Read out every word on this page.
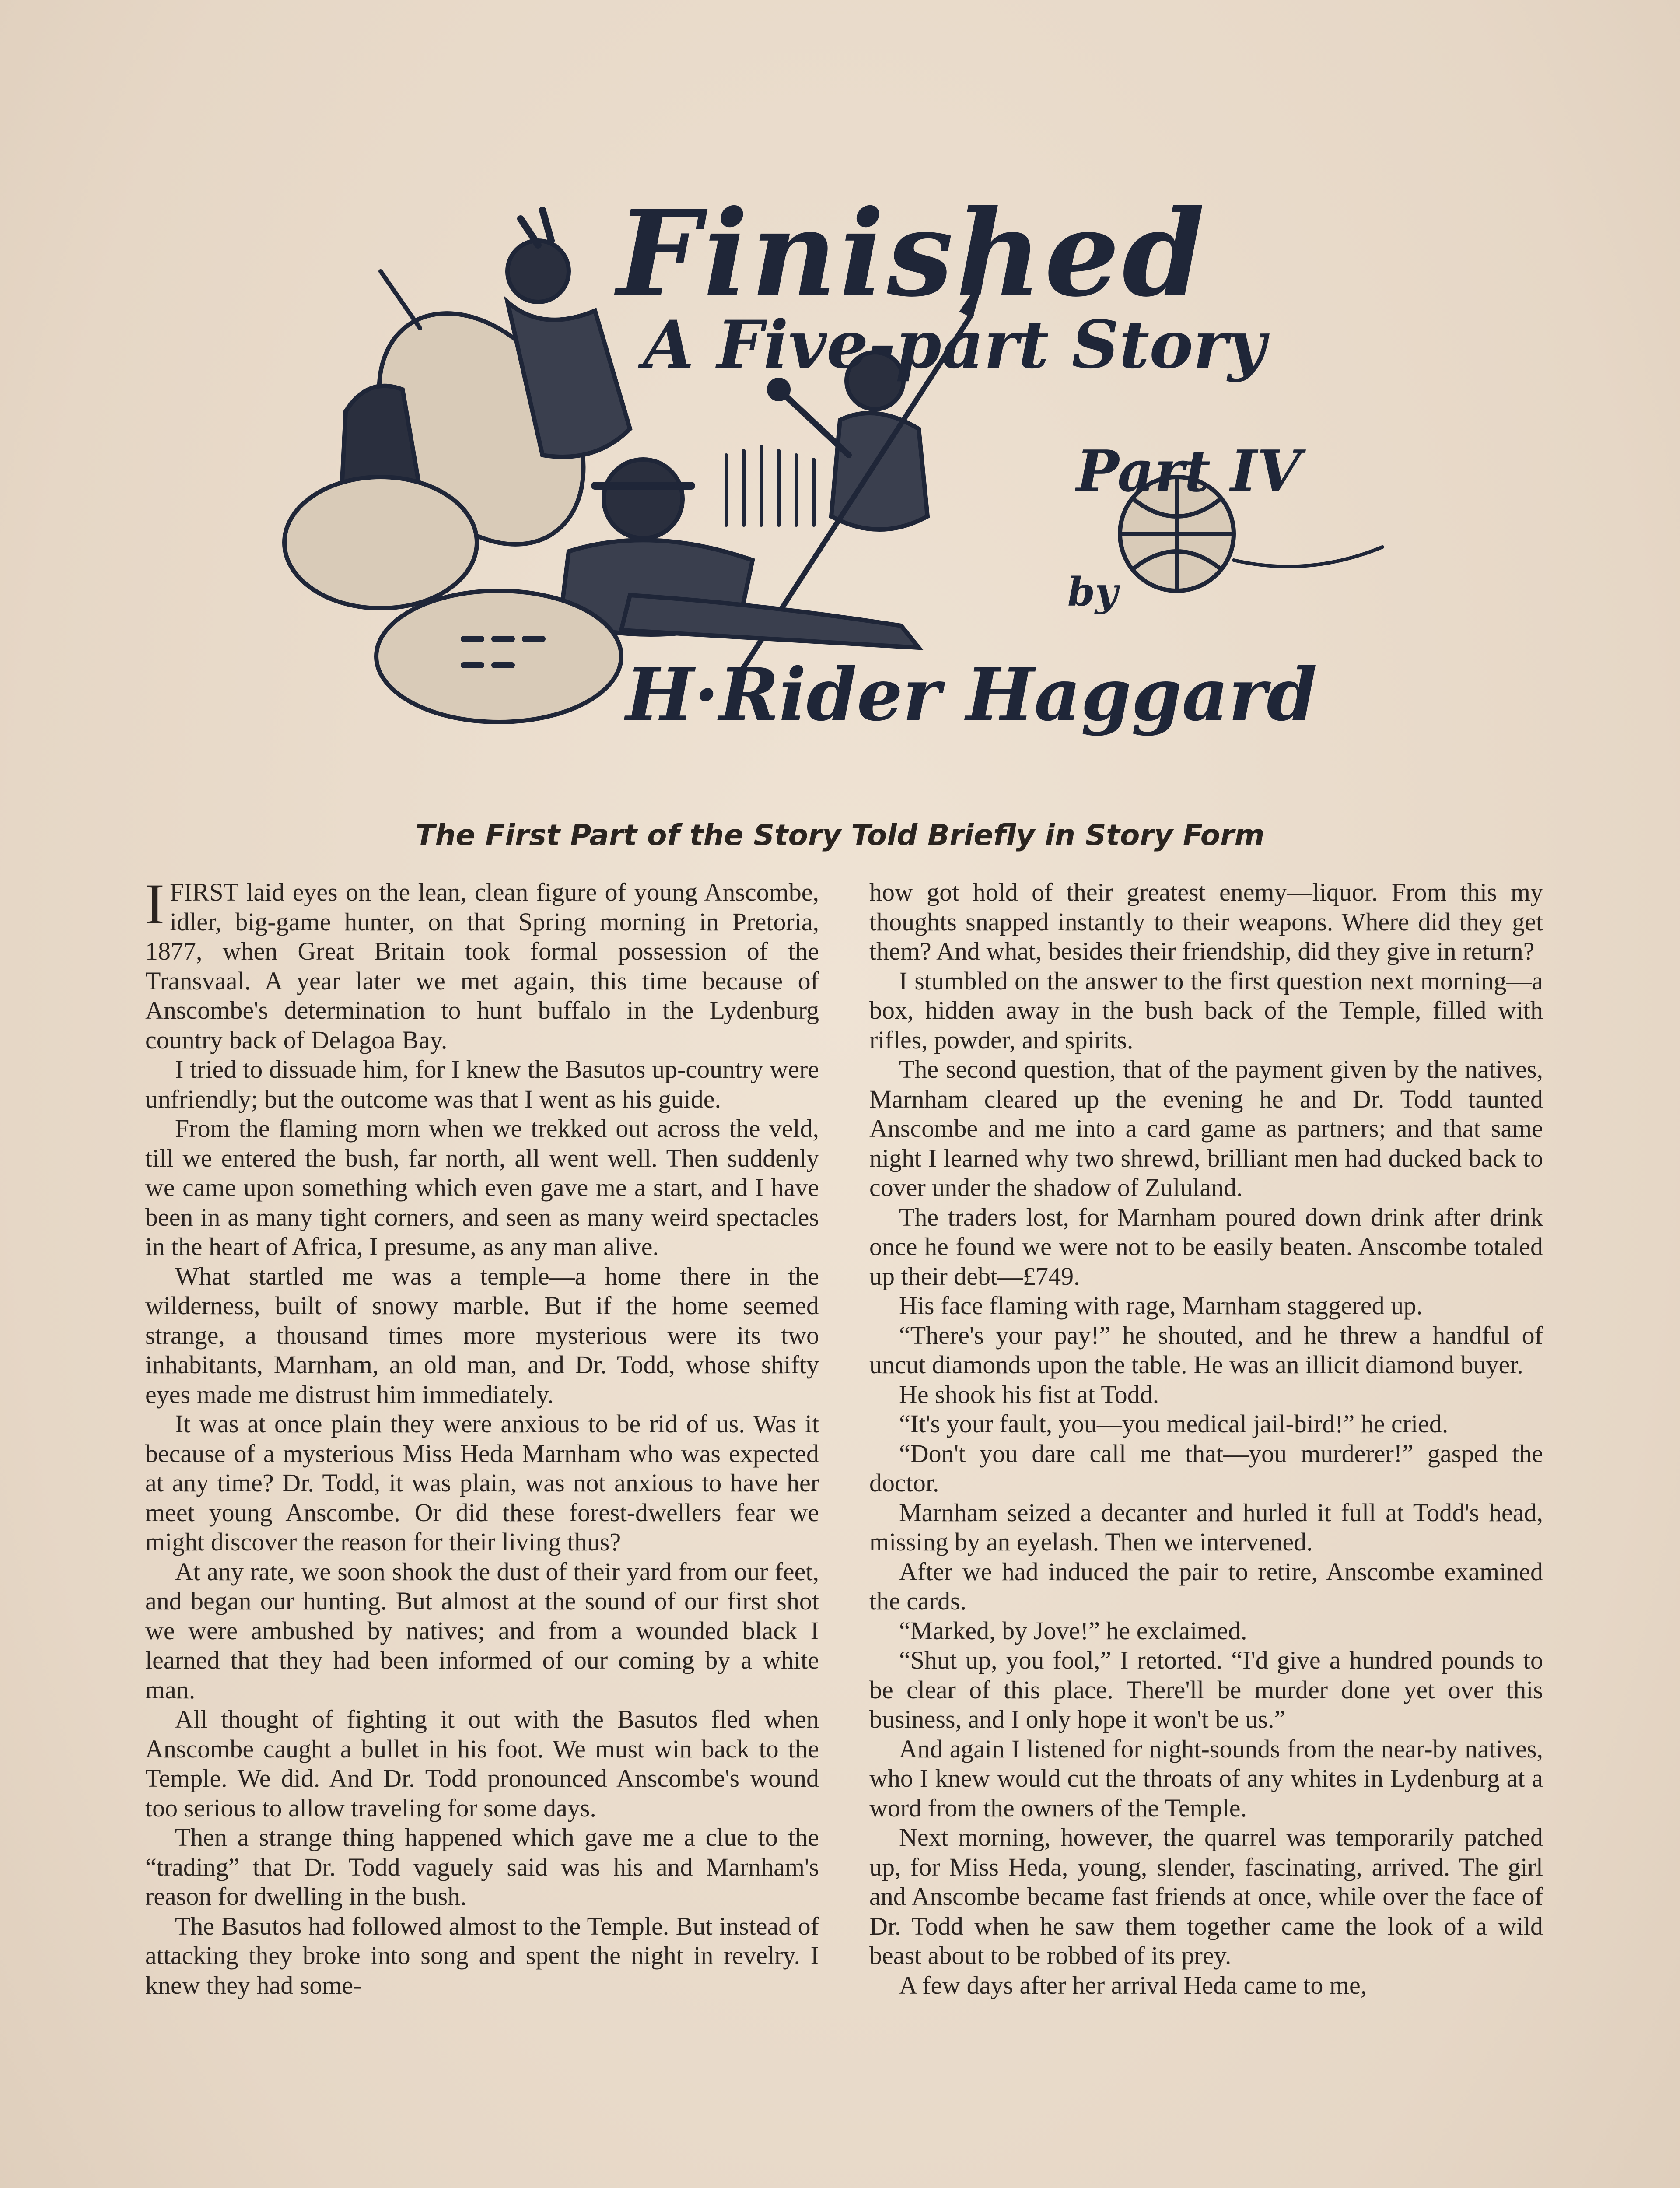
Finished
A Five-part Story
Part IV
by
H·Rider Haggard
The First Part of the Story Told Briefly in Story Form

IFIRST laid eyes on the lean, clean figure of young Anscombe, idler, big-game hunter, on that Spring morning in Pretoria, 1877, when Great Britain took formal possession of the Transvaal. A year later we met again, this time because of Anscombe's determination to hunt buffalo in the Lydenburg country back of Delagoa Bay.

I tried to dissuade him, for I knew the Basutos up-country were unfriendly; but the outcome was that I went as his guide.

From the flaming morn when we trekked out across the veld, till we entered the bush, far north, all went well. Then suddenly we came upon something which even gave me a start, and I have been in as many tight corners, and seen as many weird spectacles in the heart of Africa, I presume, as any man alive.

What startled me was a temple—a home there in the wilderness, built of snowy marble. But if the home seemed strange, a thousand times more mysterious were its two inhabitants, Marnham, an old man, and Dr. Todd, whose shifty eyes made me distrust him immediately.

It was at once plain they were anxious to be rid of us. Was it because of a mysterious Miss Heda Marnham who was expected at any time? Dr. Todd, it was plain, was not anxious to have her meet young Anscombe. Or did these forest-dwellers fear we might discover the reason for their living thus?

At any rate, we soon shook the dust of their yard from our feet, and began our hunting. But almost at the sound of our first shot we were ambushed by natives; and from a wounded black I learned that they had been informed of our coming by a white man.

All thought of fighting it out with the Basutos fled when Anscombe caught a bullet in his foot. We must win back to the Temple. We did. And Dr. Todd pronounced Anscombe's wound too serious to allow traveling for some days.

Then a strange thing happened which gave me a clue to the “trading” that Dr. Todd vaguely said was his and Marnham's reason for dwelling in the bush.

The Basutos had followed almost to the Temple. But instead of attacking they broke into song and spent the night in revelry. I knew they had some-

how got hold of their greatest enemy—liquor. From this my thoughts snapped instantly to their weapons. Where did they get them? And what, besides their friendship, did they give in return?

I stumbled on the answer to the first question next morning—a box, hidden away in the bush back of the Temple, filled with rifles, powder, and spirits.

The second question, that of the payment given by the natives, Marnham cleared up the evening he and Dr. Todd taunted Anscombe and me into a card game as partners; and that same night I learned why two shrewd, brilliant men had ducked back to cover under the shadow of Zululand.

The traders lost, for Marnham poured down drink after drink once he found we were not to be easily beaten. Anscombe totaled up their debt—£749.

His face flaming with rage, Marnham staggered up.

“There's your pay!” he shouted, and he threw a handful of uncut diamonds upon the table. He was an illicit diamond buyer.

He shook his fist at Todd.

“It's your fault, you—you medical jail-bird!” he cried.

“Don't you dare call me that—you murderer!” gasped the doctor.

Marnham seized a decanter and hurled it full at Todd's head, missing by an eyelash. Then we intervened.

After we had induced the pair to retire, Anscombe examined the cards.

“Marked, by Jove!” he exclaimed.

“Shut up, you fool,” I retorted. “I'd give a hundred pounds to be clear of this place. There'll be murder done yet over this business, and I only hope it won't be us.”

And again I listened for night-sounds from the near-by natives, who I knew would cut the throats of any whites in Lydenburg at a word from the owners of the Temple.

Next morning, however, the quarrel was temporarily patched up, for Miss Heda, young, slender, fascinating, arrived. The girl and Anscombe became fast friends at once, while over the face of Dr. Todd when he saw them together came the look of a wild beast about to be robbed of its prey.

A few days after her arrival Heda came to me,
